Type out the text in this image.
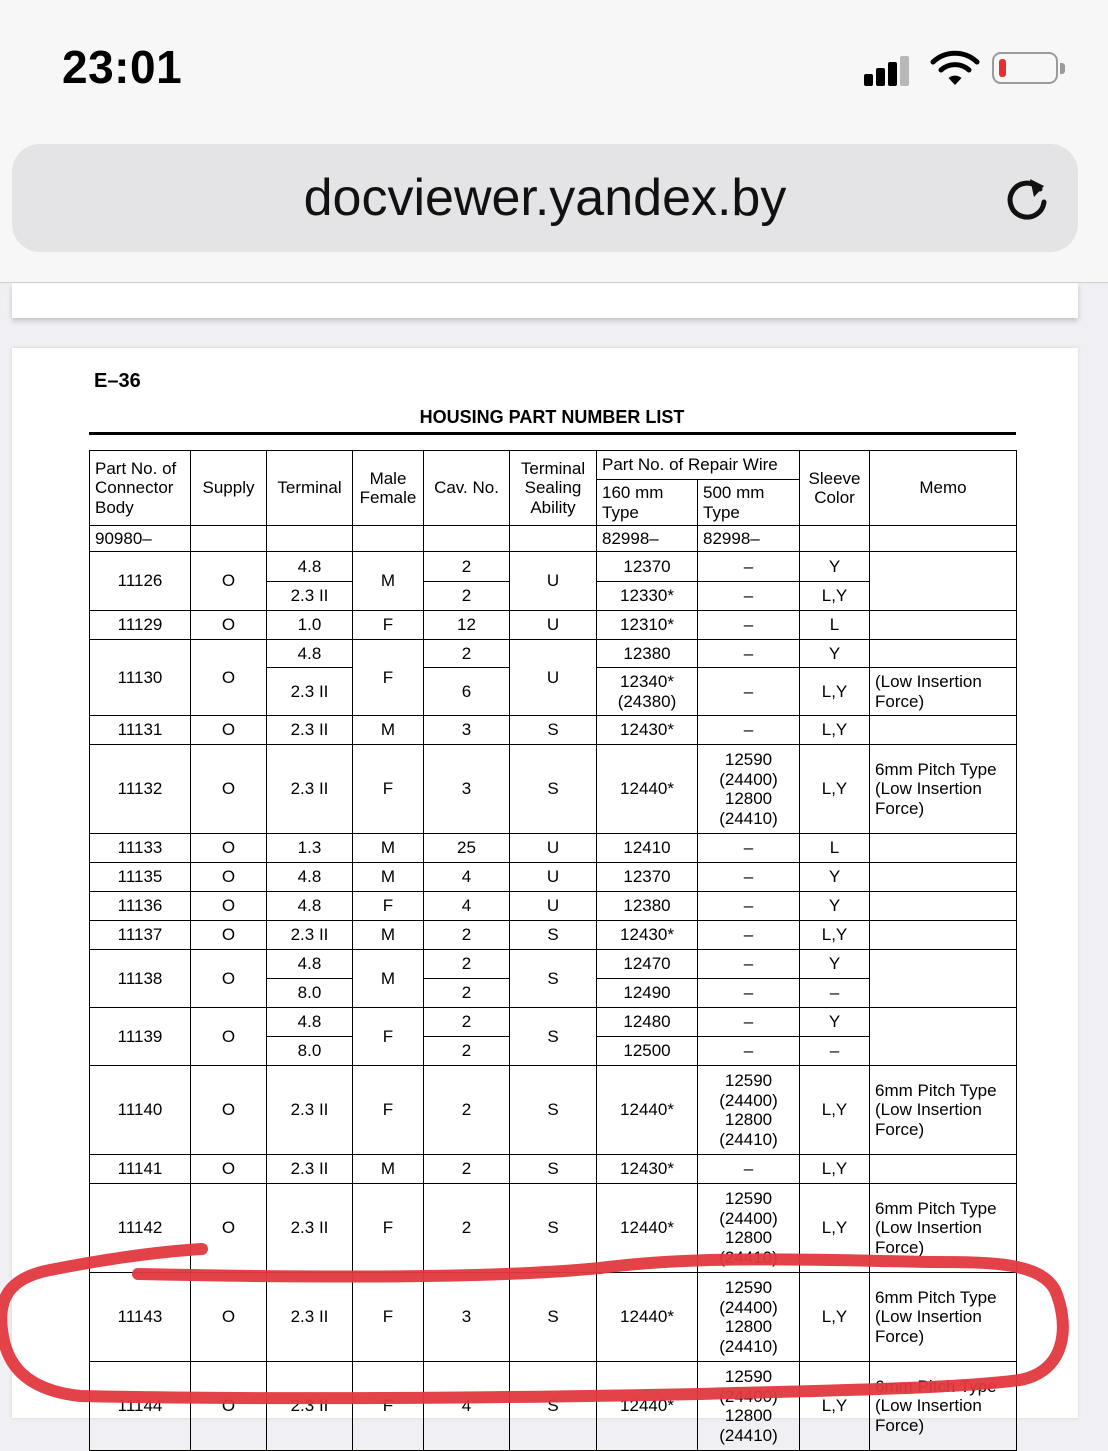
23:01
docviewer.yandex.by
E–36
HOUSING PART NUMBER LIST
Part No. of Connector Body	Supply	Terminal	Male Female	Cav. No.	Terminal Sealing Ability	Part No. of Repair Wire		Sleeve Color	Memo
						160 mm Type	500 mm Type		
90980–						82998–	82998–		
11126	O	4.8	M	2	U	12370	–	Y	
		2.3 II		2		12330*	–	L,Y	
11129	O	1.0	F	12	U	12310*	–	L	
11130	O	4.8	F	2	U	12380	–	Y	
		2.3 II		6		12340* (24380)	–	L,Y	(Low Insertion Force)
11131	O	2.3 II	M	3	S	12430*	–	L,Y	
11132	O	2.3 II	F	3	S	12440*	12590 (24400) 12800 (24410)	L,Y	6mm Pitch Type (Low Insertion Force)
11133	O	1.3	M	25	U	12410	–	L	
11135	O	4.8	M	4	U	12370	–	Y	
11136	O	4.8	F	4	U	12380	–	Y	
11137	O	2.3 II	M	2	S	12430*	–	L,Y	
11138	O	4.8	M	2	S	12470	–	Y	
		8.0		2		12490	–	–	
11139	O	4.8	F	2	S	12480	–	Y	
		8.0		2		12500	–	–	
11140	O	2.3 II	F	2	S	12440*	12590 (24400) 12800 (24410)	L,Y	6mm Pitch Type (Low Insertion Force)
11141	O	2.3 II	M	2	S	12430*	–	L,Y	
11142	O	2.3 II	F	2	S	12440*	12590 (24400) 12800 (24410)	L,Y	6mm Pitch Type (Low Insertion Force)
11143	O	2.3 II	F	3	S	12440*	12590 (24400) 12800 (24410)	L,Y	6mm Pitch Type (Low Insertion Force)
11144	O	2.3 II	F	4	S	12440*	12590 (24400) 12800 (24410)	L,Y	6mm Pitch Type (Low Insertion Force)
